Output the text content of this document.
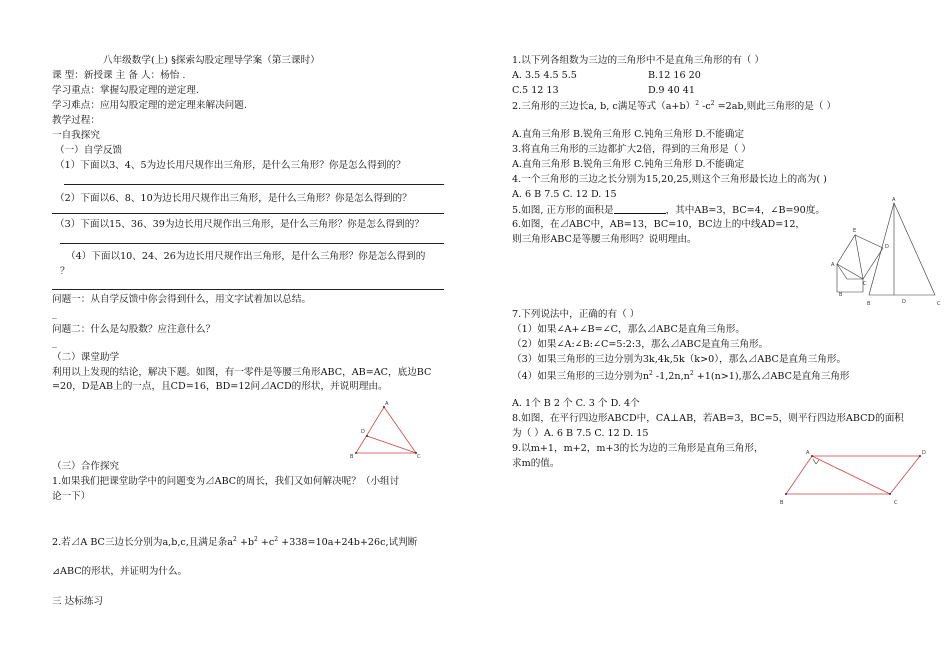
八年级数学(上) §探索勾股定理导学案（第三课时）
课 型：新授课 主 备 人：杨怡 .
学习重点：掌握勾股定理的逆定理.
学习难点：应用勾股定理的逆定理来解决问题.
教学过程：
一自我探究
（一）自学反馈
（1）下面以3、4、5为边长用尺规作出三角形，是什么三角形？你是怎么得到的？
（2）下面以6、8、10为边长用尺规作出三角形，是什么三角形？你是怎么得到的？
（3）下面以15、36、39为边长用尺规作出三角形，是什么三角形？你是怎么得到的？
（4）下面以10、24、26为边长用尺规作出三角形，是什么三角形？你是怎么得到的
？
问题一：从自学反馈中你会得到什么，用文字试着加以总结。
_
问题二：什么是勾股数？应注意什么？
_
（二）课堂助学
利用以上发现的结论，解决下题。如图，有一零件是等腰三角形ABC，AB=AC，底边BC
=20，D是AB上的一点，且CD=16，BD=12问⊿ACD的形状，并说明理由。
A
B	C
D
（三）合作探究
1.如果我们把课堂助学中的问题变为⊿ABC的周长，我们又如何解决呢？（小组讨
论一下）
2.若⊿A BC三边长分别为a,b,c,且满足条$a^2 +b^2 +c^2 +338=10a+24b+26c$,试判断
⊿ABC的形状，并证明为什么。
三 达标练习
1.以下列各组数为三边的三角形中不是直角三角形的有（ ）
A. 3.5 4.5 5.5	B.12 16 20
C.5 12 13	D.9 40 41
2.三角形的三边长a, b, c满足等式$(a+b)^2$ $-c^2 =2ab$,则此三角形的是（ ）
A.直角三角形 B.锐角三角形 C.钝角三角形 D.不能确定
3.将直角三角形的三边都扩大2倍，得到的三角形是（ ）
A.直角三角形 B.锐角三角形 C.钝角三角形 D.不能确定
4.一个三角形的三边之长分别为15,20,25,则这个三角形最长边上的高为( )
A. 6 B 7.5 C. 12 D. 15
5.如图, 正方形的面积是	，其中AB=3，BC=4，∠B=90度。
6.如图，在⊿ABC中，AB=13，BC=10，BC边上的中线AD=12，
则三角形ABC是等腰三角形吗？说明理由。
A
B
C
D
E
A
B	C
D
7.下列说法中，正确的有（ ）
（1）如果∠A+∠B=∠C，那么⊿ABC是直角三角形。
（2）如果∠A:∠B:∠C=5:2:3，那么⊿ABC是直角三角形。
（3）如果三角形的三边分别为3k,4k,5k（k>0），那么⊿ABC是直角三角形。
（4）如果三角形的三边分别为$n^2$ $-1,2n,n^2 +1(n>1)$,那么⊿ABC是直角三角形
A. 1个 B 2 个 C. 3 个 D. 4个
8.如图，在平行四边形ABCD中，CA⊥AB，若AB=3，BC=5，则平行四边形ABCD的面积
为（ ）A. 6 B 7.5 C. 12 D. 15
9.以m+1，m+2，m+3的长为边的三角形是直角三角形，
求m的值。
A
B	C
D
